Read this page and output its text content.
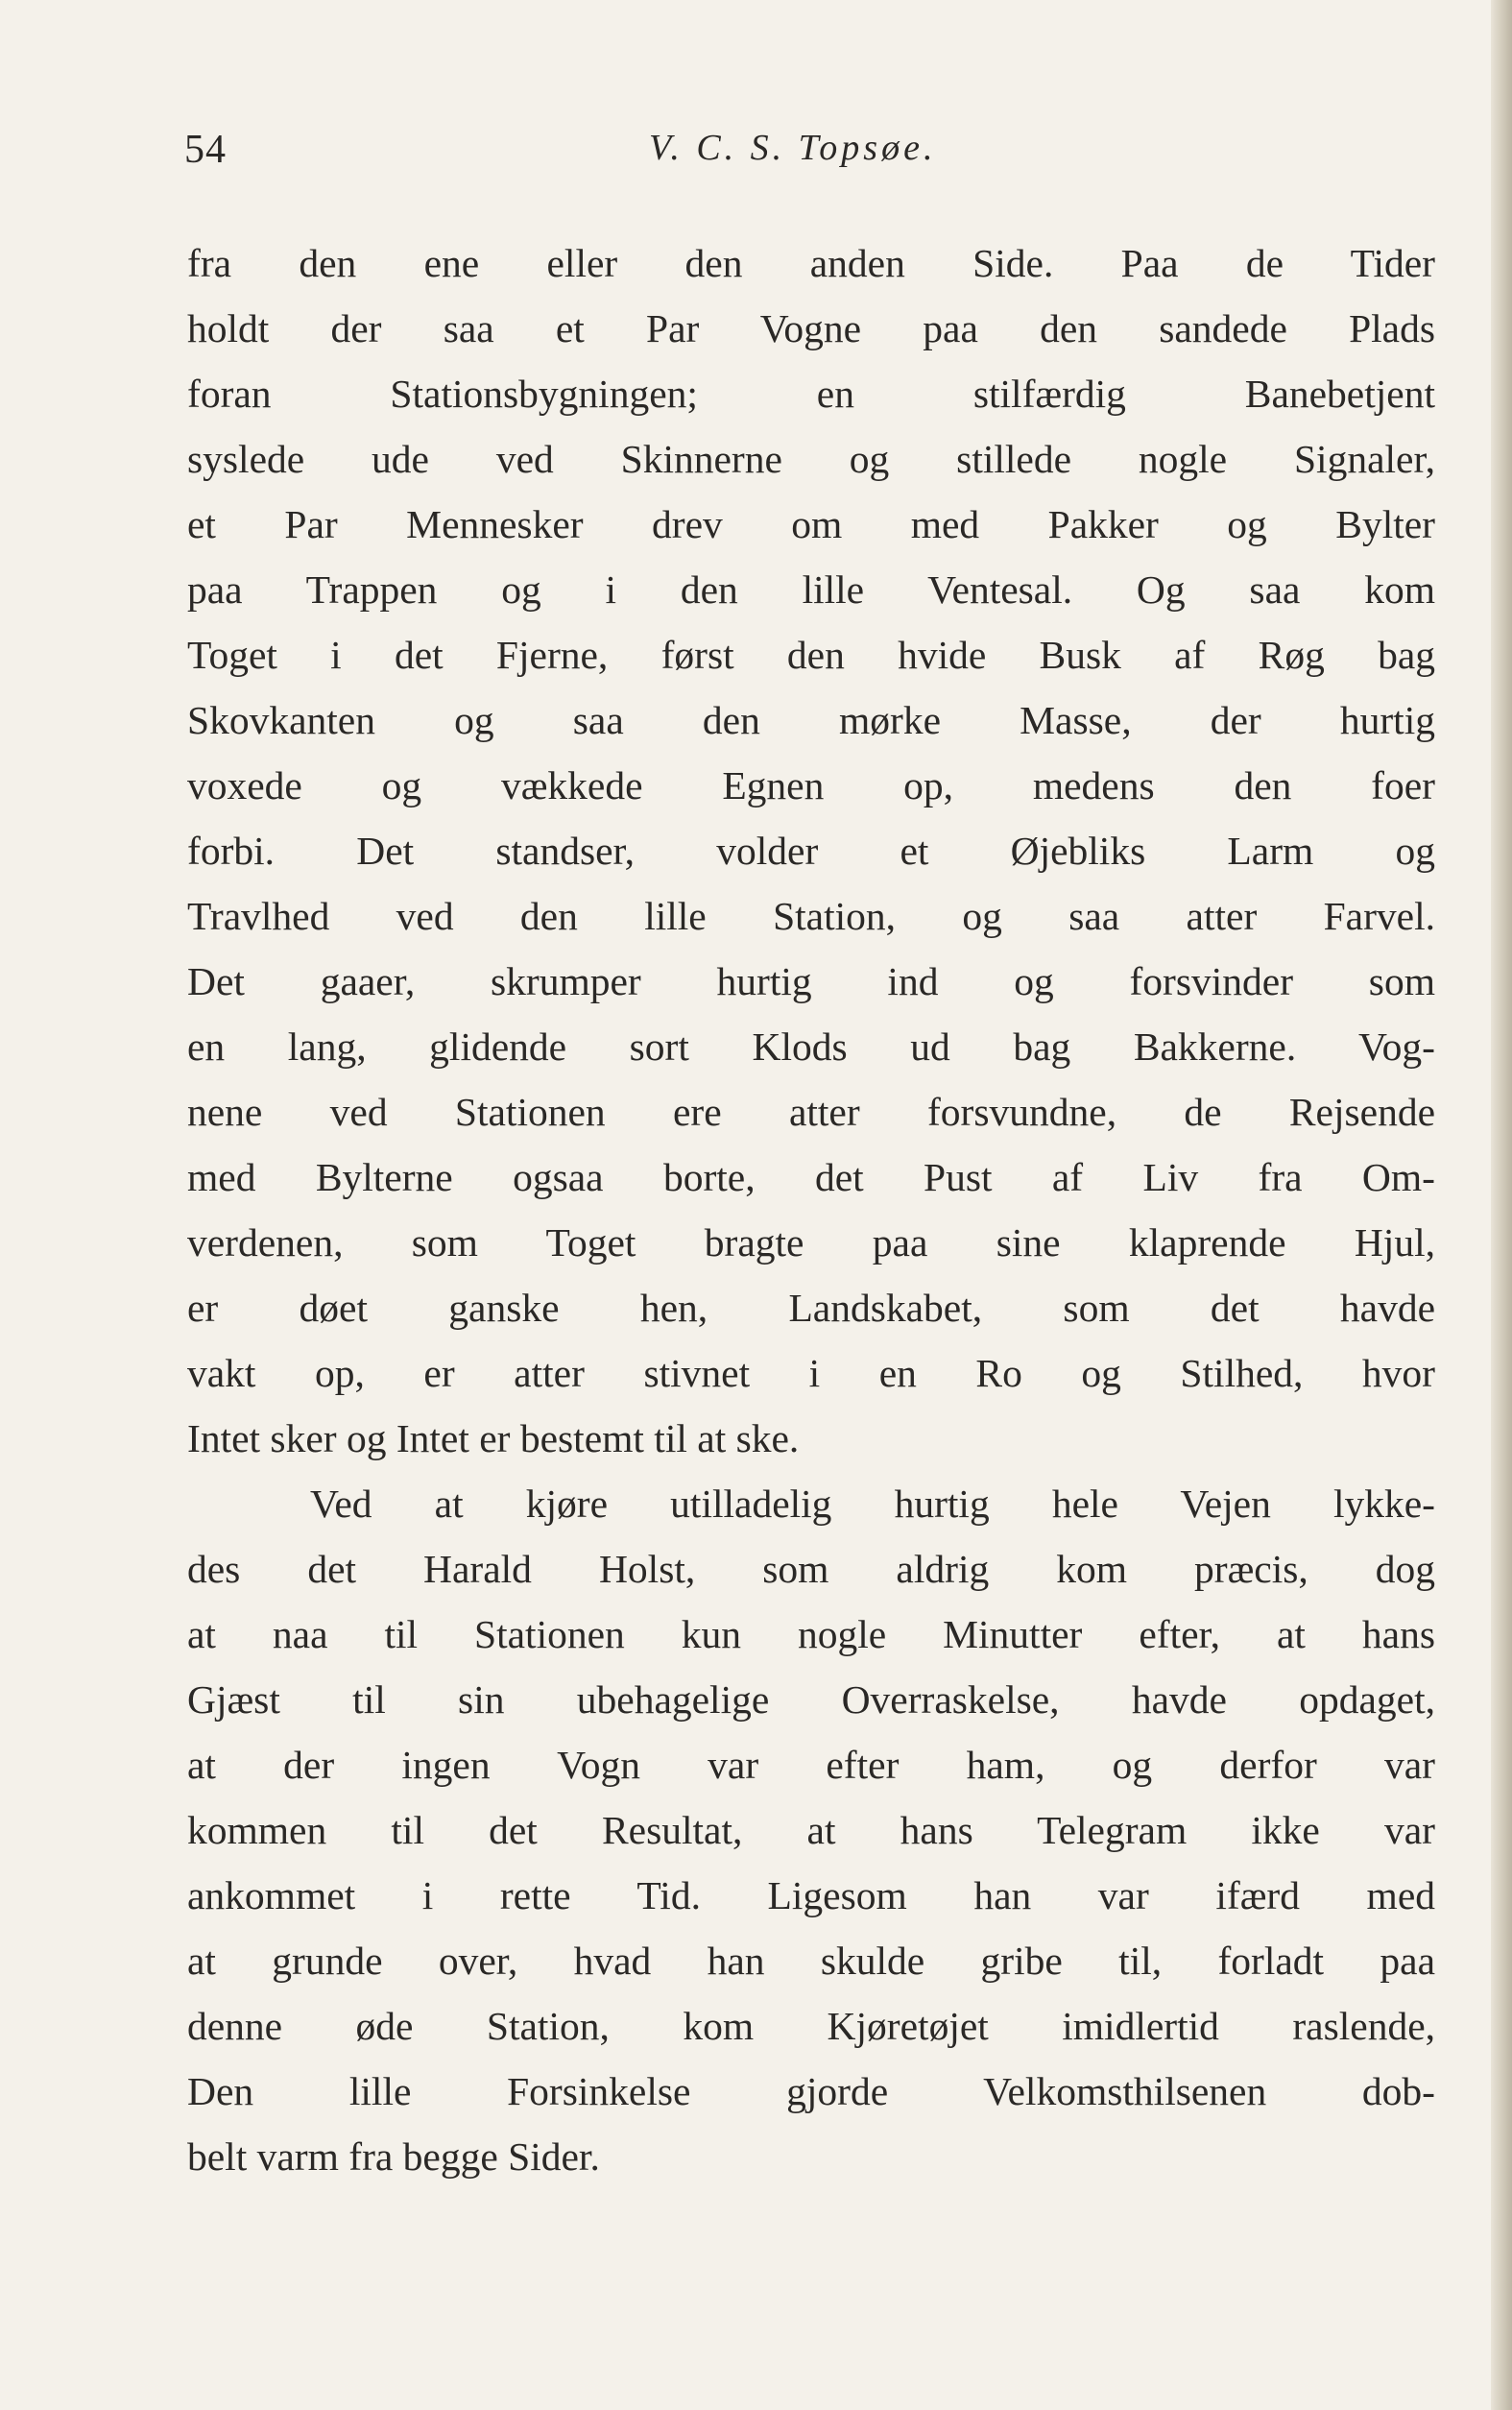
54	V. C. S. Topsøe.
fra den ene eller den anden Side. Paa de Tider
holdt der saa et Par Vogne paa den sandede Plads
foran Stationsbygningen; en stilfærdig Banebetjent
syslede ude ved Skinnerne og stillede nogle Signaler,
et Par Mennesker drev om med Pakker og Bylter
paa Trappen og i den lille Ventesal. Og saa kom
Toget i det Fjerne, først den hvide Busk af Røg bag
Skovkanten og saa den mørke Masse, der hurtig
voxede og vækkede Egnen op, medens den foer
forbi. Det standser, volder et Øjebliks Larm og
Travlhed ved den lille Station, og saa atter Farvel.
Det gaaer, skrumper hurtig ind og forsvinder som
en lang, glidende sort Klods ud bag Bakkerne. Vog-
nene ved Stationen ere atter forsvundne, de Rejsende
med Bylterne ogsaa borte, det Pust af Liv fra Om-
verdenen, som Toget bragte paa sine klaprende Hjul,
er døet ganske hen, Landskabet, som det havde
vakt op, er atter stivnet i en Ro og Stilhed, hvor
Intet sker og Intet er bestemt til at ske.
Ved at kjøre utilladelig hurtig hele Vejen lykke-
des det Harald Holst, som aldrig kom præcis, dog
at naa til Stationen kun nogle Minutter efter, at hans
Gjæst til sin ubehagelige Overraskelse, havde opdaget,
at der ingen Vogn var efter ham, og derfor var
kommen til det Resultat, at hans Telegram ikke var
ankommet i rette Tid. Ligesom han var ifærd med
at grunde over, hvad han skulde gribe til, forladt paa
denne øde Station, kom Kjøretøjet imidlertid raslende,
Den lille Forsinkelse gjorde Velkomsthilsenen dob-
belt varm fra begge Sider.
